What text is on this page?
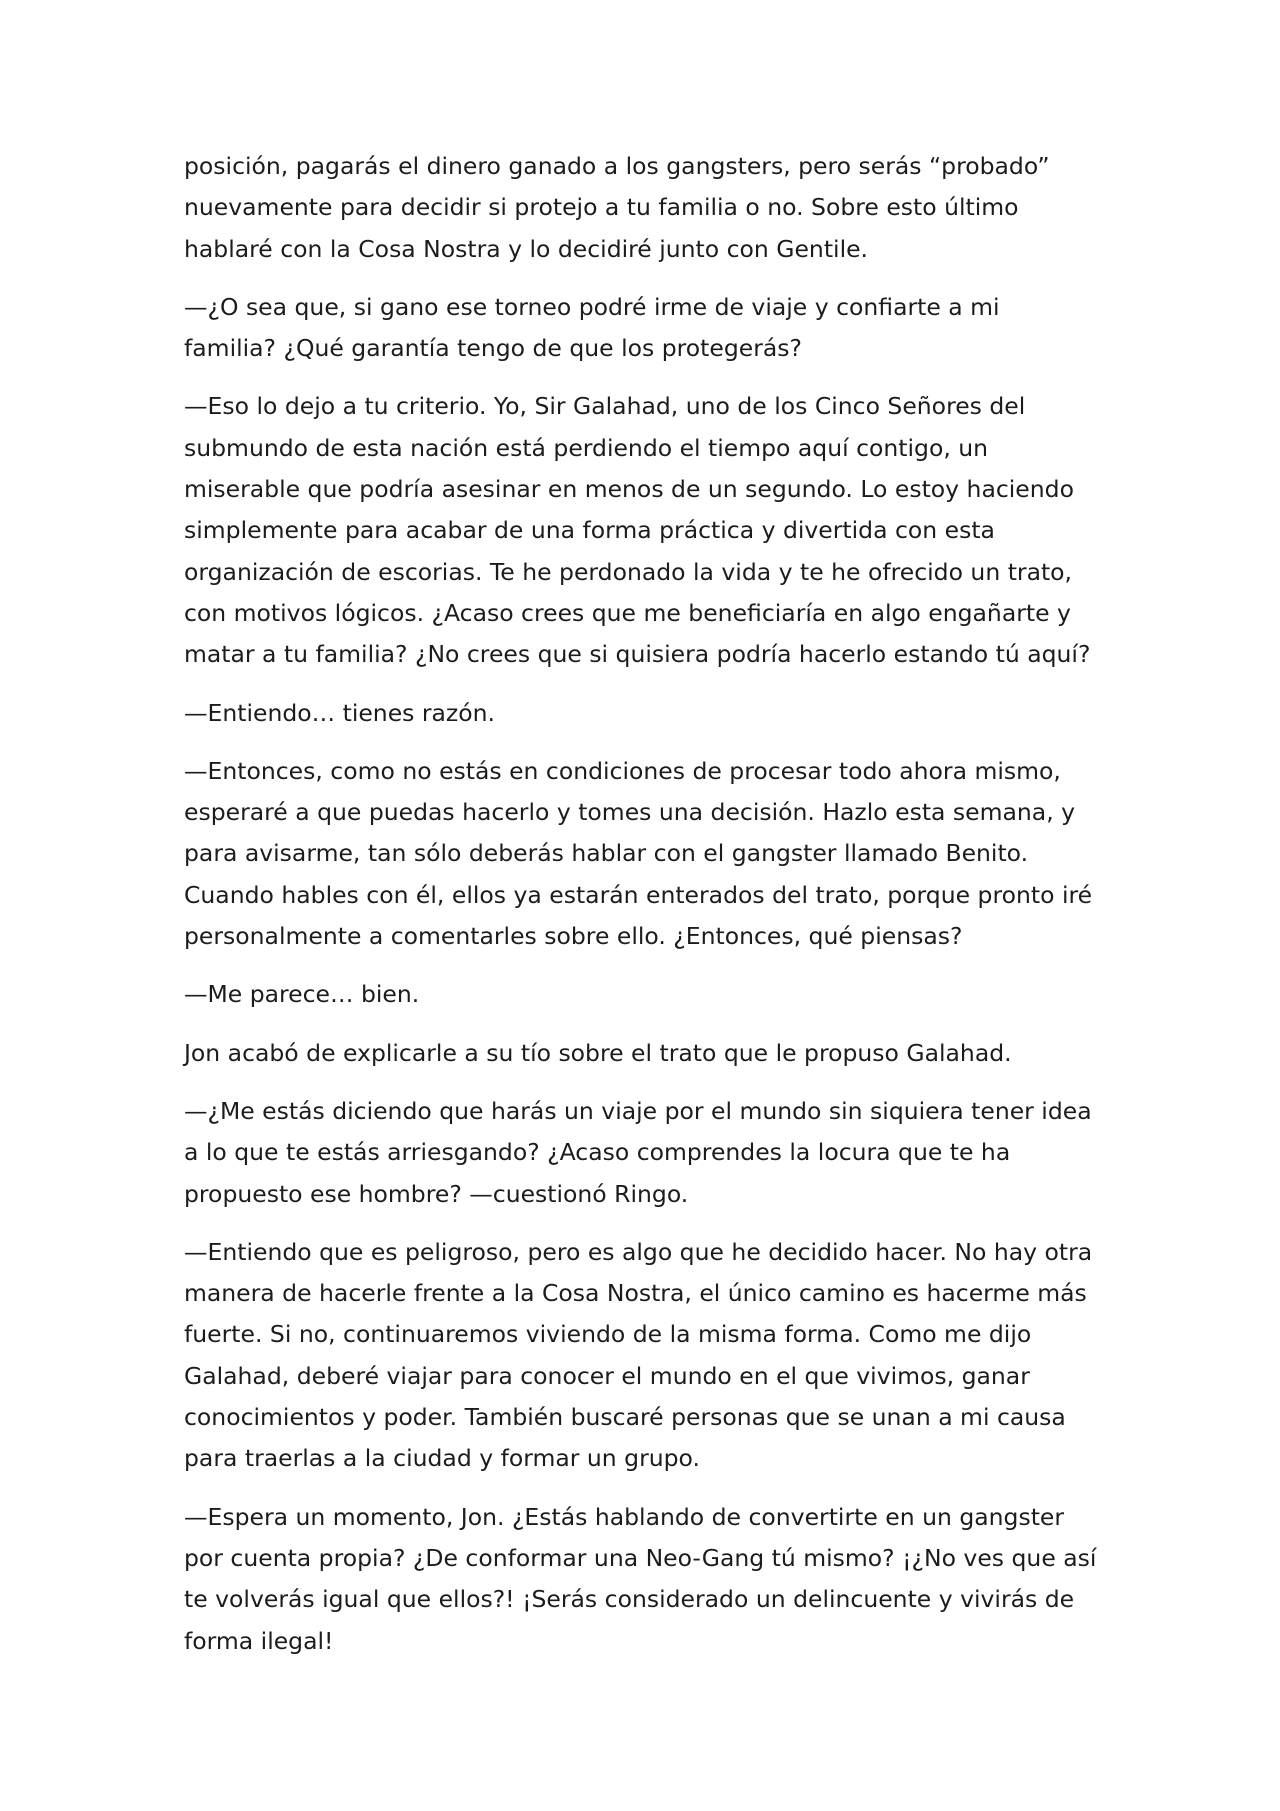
posición, pagarás el dinero ganado a los gangsters, pero serás “probado” nuevamente para decidir si protejo a tu familia o no. Sobre esto último hablaré con la Cosa Nostra y lo decidiré junto con Gentile.

—¿O sea que, si gano ese torneo podré irme de viaje y confiarte a mi familia? ¿Qué garantía tengo de que los protegerás?

—Eso lo dejo a tu criterio. Yo, Sir Galahad, uno de los Cinco Señores del submundo de esta nación está perdiendo el tiempo aquí contigo, un miserable que podría asesinar en menos de un segundo. Lo estoy haciendo simplemente para acabar de una forma práctica y divertida con esta organización de escorias. Te he perdonado la vida y te he ofrecido un trato, con motivos lógicos. ¿Acaso crees que me beneficiaría en algo engañarte y matar a tu familia? ¿No crees que si quisiera podría hacerlo estando tú aquí?

—Entiendo… tienes razón.

—Entonces, como no estás en condiciones de procesar todo ahora mismo, esperaré a que puedas hacerlo y tomes una decisión. Hazlo esta semana, y para avisarme, tan sólo deberás hablar con el gangster llamado Benito. Cuando hables con él, ellos ya estarán enterados del trato, porque pronto iré personalmente a comentarles sobre ello. ¿Entonces, qué piensas?

—Me parece… bien.

Jon acabó de explicarle a su tío sobre el trato que le propuso Galahad.

—¿Me estás diciendo que harás un viaje por el mundo sin siquiera tener idea a lo que te estás arriesgando? ¿Acaso comprendes la locura que te ha propuesto ese hombre? —cuestionó Ringo.

—Entiendo que es peligroso, pero es algo que he decidido hacer. No hay otra manera de hacerle frente a la Cosa Nostra, el único camino es hacerme más fuerte. Si no, continuaremos viviendo de la misma forma. Como me dijo Galahad, deberé viajar para conocer el mundo en el que vivimos, ganar conocimientos y poder. También buscaré personas que se unan a mi causa para traerlas a la ciudad y formar un grupo.

—Espera un momento, Jon. ¿Estás hablando de convertirte en un gangster por cuenta propia? ¿De conformar una Neo-Gang tú mismo? ¡¿No ves que así te volverás igual que ellos?! ¡Serás considerado un delincuente y vivirás de forma ilegal!
